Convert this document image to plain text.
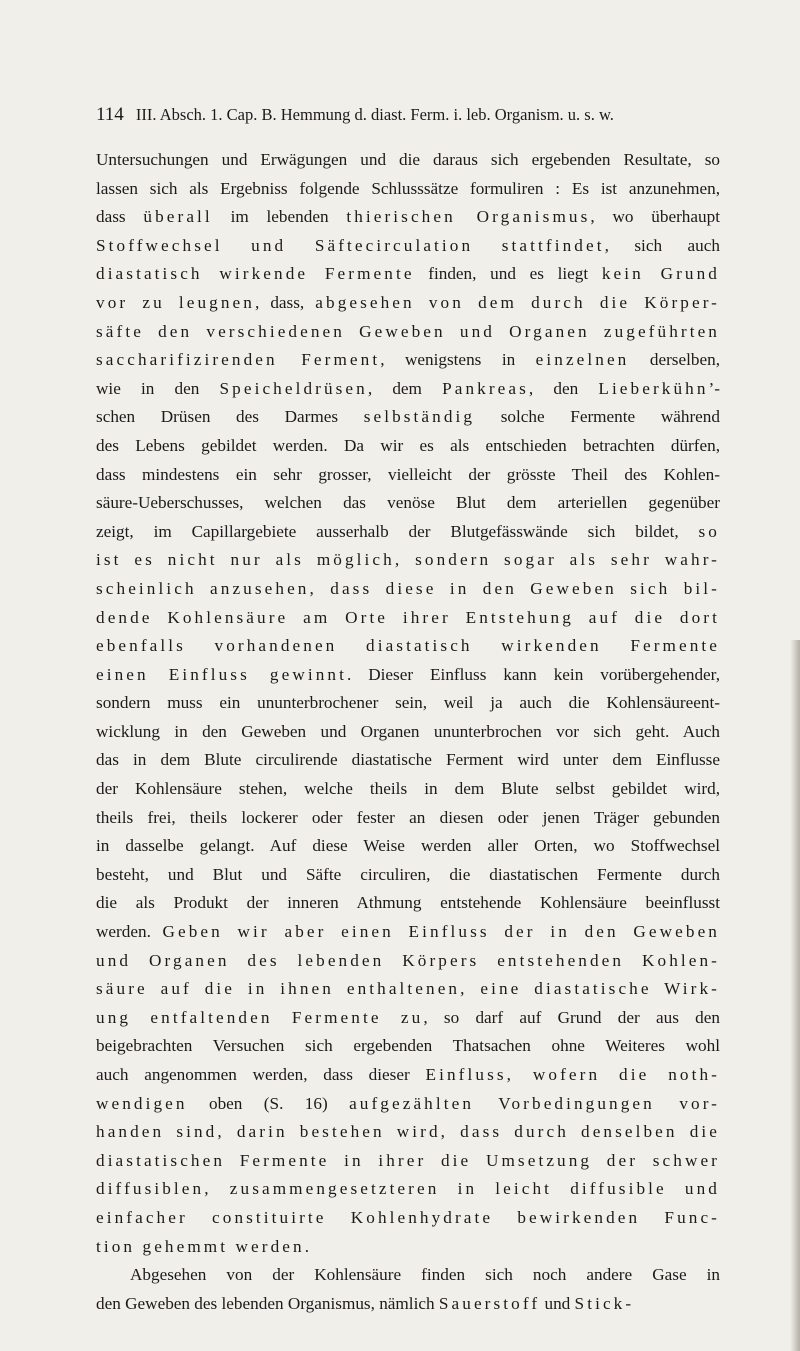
114 III. Absch. 1. Cap. B. Hemmung d. diast. Ferm. i. leb. Organism. u. s. w.
Untersuchungen und Erwägungen und die daraus sich ergebenden Resultate, so
lassen sich als Ergebniss folgende Schlusssätze formuliren : Es ist anzunehmen,
dass überall im lebenden thierischen Organismus, wo überhaupt
Stoffwechsel und Säftecirculation stattfindet, sich auch
diastatisch wirkende Fermente finden, und es liegt kein Grund
vor zu leugnen, dass, abgesehen von dem durch die Körper-
säfte den verschiedenen Geweben und Organen zugeführten
saccharifizirenden Ferment, wenigstens in einzelnen derselben,
wie in den Speicheldrüsen, dem Pankreas, den Lieberkühn’-
schen Drüsen des Darmes selbständig solche Fermente während
des Lebens gebildet werden. Da wir es als entschieden betrachten dürfen,
dass mindestens ein sehr grosser, vielleicht der grösste Theil des Kohlen-
säure-Ueberschusses, welchen das venöse Blut dem arteriellen gegenüber
zeigt, im Capillargebiete ausserhalb der Blutgefässwände sich bildet, so
ist es nicht nur als möglich, sondern sogar als sehr wahr-
scheinlich anzusehen, dass diese in den Geweben sich bil-
dende Kohlensäure am Orte ihrer Entstehung auf die dort
ebenfalls vorhandenen diastatisch wirkenden Fermente
einen Einfluss gewinnt. Dieser Einfluss kann kein vorübergehender,
sondern muss ein ununterbrochener sein, weil ja auch die Kohlensäureent-
wicklung in den Geweben und Organen ununterbrochen vor sich geht. Auch
das in dem Blute circulirende diastatische Ferment wird unter dem Einflusse
der Kohlensäure stehen, welche theils in dem Blute selbst gebildet wird,
theils frei, theils lockerer oder fester an diesen oder jenen Träger gebunden
in dasselbe gelangt. Auf diese Weise werden aller Orten, wo Stoffwechsel
besteht, und Blut und Säfte circuliren, die diastatischen Fermente durch
die als Produkt der inneren Athmung entstehende Kohlensäure beeinflusst
werden. Geben wir aber einen Einfluss der in den Geweben
und Organen des lebenden Körpers entstehenden Kohlen-
säure auf die in ihnen enthaltenen, eine diastatische Wirk-
ung entfaltenden Fermente zu, so darf auf Grund der aus den
beigebrachten Versuchen sich ergebenden Thatsachen ohne Weiteres wohl
auch angenommen werden, dass dieser Einfluss, wofern die noth-
wendigen oben (S. 16) aufgezählten Vorbedingungen vor-
handen sind, darin bestehen wird, dass durch denselben die
diastatischen Fermente in ihrer die Umsetzung der schwer
diffusiblen, zusammengesetzteren in leicht diffusible und
einfacher constituirte Kohlenhydrate bewirkenden Func-
tion gehemmt werden.
Abgesehen von der Kohlensäure finden sich noch andere Gase in
den Geweben des lebenden Organismus, nämlich Sauerstoff und Stick-
